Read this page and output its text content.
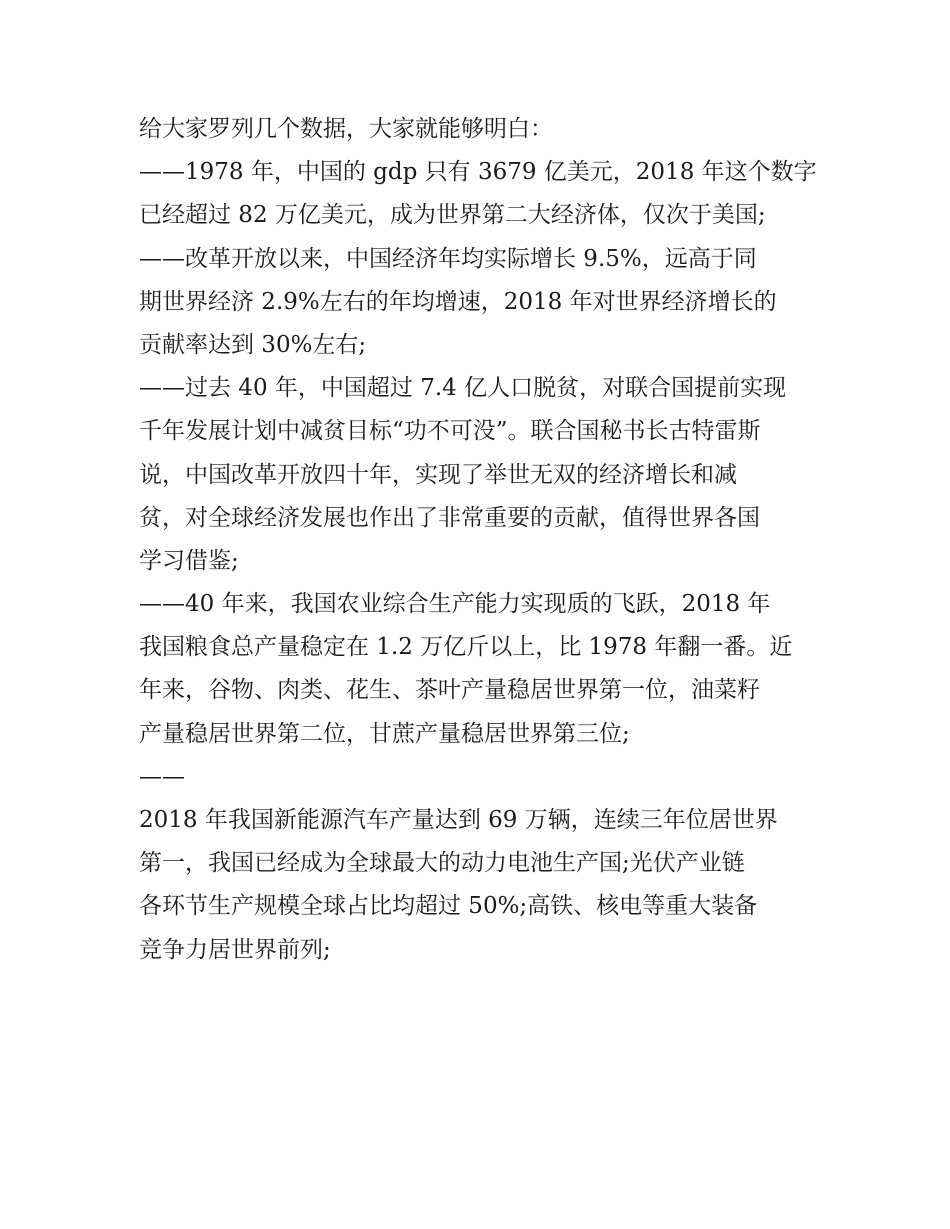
给大家罗列几个数据，大家就能够明白：
——1978 年，中国的 gdp 只有 3679 亿美元，2018 年这个数字
已经超过 82 万亿美元，成为世界第二大经济体，仅次于美国;
——改革开放以来，中国经济年均实际增长 9.5%，远高于同
期世界经济 2.9%左右的年均增速，2018 年对世界经济增长的
贡献率达到 30%左右;
——过去 40 年，中国超过 7.4 亿人口脱贫，对联合国提前实现
千年发展计划中减贫目标“功不可没”。联合国秘书长古特雷斯
说，中国改革开放四十年，实现了举世无双的经济增长和减
贫，对全球经济发展也作出了非常重要的贡献，值得世界各国
学习借鉴;
——40 年来，我国农业综合生产能力实现质的飞跃，2018 年
我国粮食总产量稳定在 1.2 万亿斤以上，比 1978 年翻一番。近
年来，谷物、肉类、花生、茶叶产量稳居世界第一位，油菜籽
产量稳居世界第二位，甘蔗产量稳居世界第三位;
——
2018 年我国新能源汽车产量达到 69 万辆，连续三年位居世界
第一，我国已经成为全球最大的动力电池生产国;光伏产业链
各环节生产规模全球占比均超过 50%;高铁、核电等重大装备
竞争力居世界前列;
